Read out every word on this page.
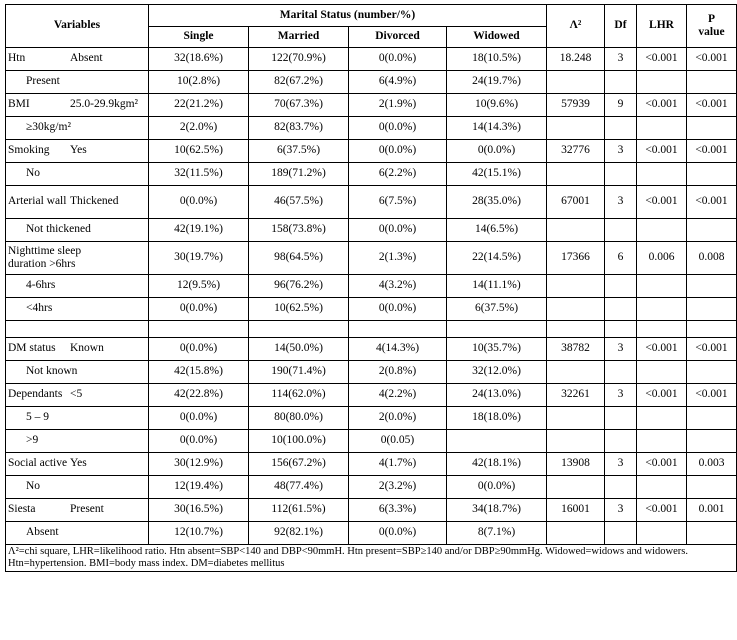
Variables	Marital Status (number/%)				Λ²	Df	LHR	P
value
	Single	Married	Divorced	Widowed				
Htn Absent	32(18.6%)	122(70.9%)	0(0.0%)	18(10.5%)	18.248	3	<0.001	<0.001
Present	10(2.8%)	82(67.2%)	6(4.9%)	24(19.7%)				
BMI 25.0-29.9kgm²	22(21.2%)	70(67.3%)	2(1.9%)	10(9.6%)	57939	9	<0.001	<0.001
≥30kg/m²	2(2.0%)	82(83.7%)	0(0.0%)	14(14.3%)				
Smoking Yes	10(62.5%)	6(37.5%)	0(0.0%)	0(0.0%)	32776	3	<0.001	<0.001
No	32(11.5%)	189(71.2%)	6(2.2%)	42(15.1%)				
Arterial wall Thickened	0(0.0%)	46(57.5%)	6(7.5%)	28(35.0%)	67001	3	<0.001	<0.001
Not thickened	42(19.1%)	158(73.8%)	0(0.0%)	14(6.5%)				
Nighttime sleepduration >6hrs	30(19.7%)	98(64.5%)	2(1.3%)	22(14.5%)	17366	6	0.006	0.008
4-6hrs	12(9.5%)	96(76.2%)	4(3.2%)	14(11.1%)				
<4hrs	0(0.0%)	10(62.5%)	0(0.0%)	6(37.5%)				

DM status Known	0(0.0%)	14(50.0%)	4(14.3%)	10(35.7%)	38782	3	<0.001	<0.001
Not known	42(15.8%)	190(71.4%)	2(0.8%)	32(12.0%)				
Dependants <5	42(22.8%)	114(62.0%)	4(2.2%)	24(13.0%)	32261	3	<0.001	<0.001
5 – 9	0(0.0%)	80(80.0%)	2(0.0%)	18(18.0%)				
>9	0(0.0%)	10(100.0%)	0(0.05)					
Social active Yes	30(12.9%)	156(67.2%)	4(1.7%)	42(18.1%)	13908	3	<0.001	0.003
No	12(19.4%)	48(77.4%)	2(3.2%)	0(0.0%)				
Siesta Present	30(16.5%)	112(61.5%)	6(3.3%)	34(18.7%)	16001	3	<0.001	0.001
Absent	12(10.7%)	92(82.1%)	0(0.0%)	8(7.1%)				
Λ²=chi square, LHR=likelihood ratio. Htn absent=SBP<140 and DBP<90mmH. Htn present=SBP≥140 and/or DBP≥90mmHg. Widowed=widows and widowers. Htn=hypertension. BMI=body mass index. DM=diabetes mellitus								
